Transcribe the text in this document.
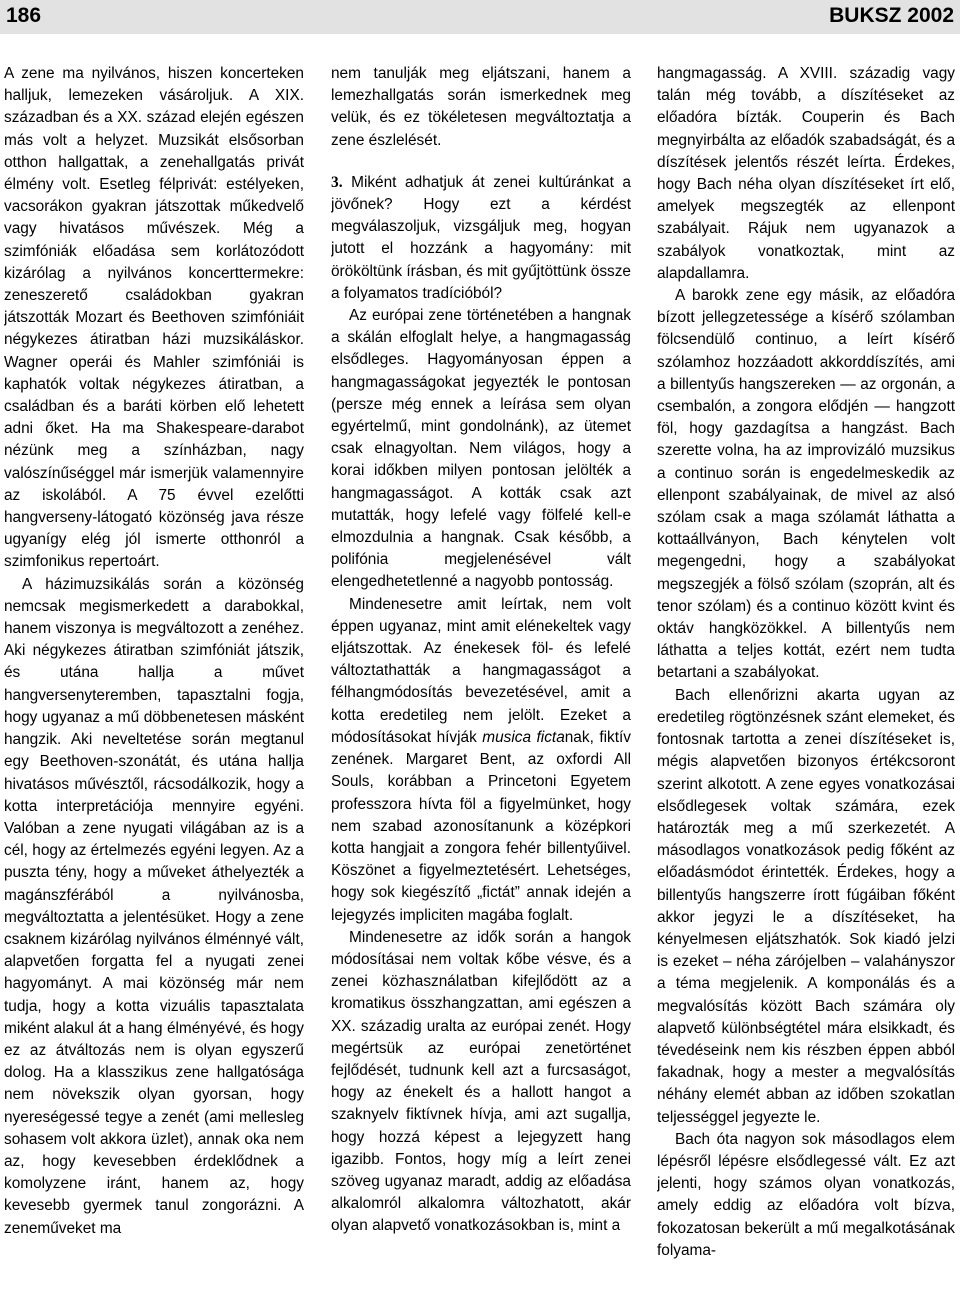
186	BUKSZ 2002

A zene ma nyilvános, hiszen koncerteken halljuk, lemezeken vásároljuk. A XIX. században és a XX. század elején egészen más volt a helyzet. Muzsikát elsősorban otthon hallgattak, a zenehallgatás privát élmény volt. Esetleg félprivát: estélyeken, vacsorákon gyakran játszottak műkedvelő vagy hivatásos művészek. Még a szimfóniák előadása sem korlátozódott kizárólag a nyilvános koncerttermekre: zeneszerető családokban gyakran játszották Mozart és Beethoven szimfóniáit négykezes átiratban házi muzsikáláskor. Wagner operái és Mahler szimfóniái is kaphatók voltak négykezes átiratban, a családban és a baráti körben elő lehetett adni őket. Ha ma Shakespeare-darabot nézünk meg a színházban, nagy valószínűséggel már ismerjük valamennyire az iskolából. A 75 évvel ezelőtti hangverseny-látogató közönség java része ugyanígy elég jól ismerte otthonról a szimfonikus repertoárt.

A házimuzsikálás során a közönség nemcsak megismerkedett a darabokkal, hanem viszonya is megváltozott a zenéhez. Aki négykezes átiratban szimfóniát játszik, és utána hallja a művet hangversenyteremben, tapasztalni fogja, hogy ugyanaz a mű döbbenetesen másként hangzik. Aki neveltetése során megtanul egy Beethoven-szonátát, és utána hallja hivatásos művésztől, rácsodálkozik, hogy a kotta interpretációja mennyire egyéni. Valóban a zene nyugati világában az is a cél, hogy az értelmezés egyéni legyen. Az a puszta tény, hogy a műveket áthelyezték a magánszférából a nyilvánosba, megváltoztatta a jelentésüket. Hogy a zene csaknem kizárólag nyilvános élménnyé vált, alapvetően forgatta fel a nyugati zenei hagyományt. A mai közönség már nem tudja, hogy a kotta vizuális tapasztalata miként alakul át a hang élményévé, és hogy ez az átváltozás nem is olyan egyszerű dolog. Ha a klasszikus zene hallgatósága nem növekszik olyan gyorsan, hogy nyereségessé tegye a zenét (ami mellesleg sohasem volt akkora üzlet), annak oka nem az, hogy kevesebben érdeklődnek a komolyzene iránt, hanem az, hogy kevesebb gyermek tanul zongorázni. A zeneműveket ma

nem tanulják meg eljátszani, hanem a lemezhallgatás során ismerkednek meg velük, és ez tökéletesen megváltoztatja a zene észlelését.

3. Miként adhatjuk át zenei kultúránkat a jövőnek? Hogy ezt a kérdést megválaszoljuk, vizsgáljuk meg, hogyan jutott el hozzánk a hagyomány: mit örököltünk írásban, és mit gyűjtöttünk össze a folyamatos tradícióból?

Az európai zene történetében a hangnak a skálán elfoglalt helye, a hangmagasság elsődleges. Hagyományosan éppen a hangmagasságokat jegyezték le pontosan (persze még ennek a leírása sem olyan egyértelmű, mint gondolnánk), az ütemet csak elnagyoltan. Nem világos, hogy a korai időkben milyen pontosan jelölték a hangmagasságot. A kották csak azt mutatták, hogy lefelé vagy fölfelé kell-e elmozdulnia a hangnak. Csak később, a polifónia megjelenésével vált elengedhetetlenné a nagyobb pontosság.

Mindenesetre amit leírtak, nem volt éppen ugyanaz, mint amit elénekeltek vagy eljátszottak. Az énekesek föl- és lefelé változtathatták a hangmagasságot a félhangmódosítás bevezetésével, amit a kotta eredetileg nem jelölt. Ezeket a módosításokat hívják musica fictanak, fiktív zenének. Margaret Bent, az oxfordi All Souls, korábban a Princetoni Egyetem professzora hívta föl a figyelmünket, hogy nem szabad azonosítanunk a középkori kotta hangjait a zongora fehér billentyűivel. Köszönet a figyelmeztetésért. Lehetséges, hogy sok kiegészítő „fictát” annak idején a lejegyzés impliciten magába foglalt.

Mindenesetre az idők során a hangok módosításai nem voltak kőbe vésve, és a zenei közhasználatban kifejlődött az a kromatikus összhangzattan, ami egészen a XX. századig uralta az európai zenét. Hogy megértsük az európai zenetörténet fejlődését, tudnunk kell azt a furcsaságot, hogy az énekelt és a hallott hangot a szaknyelv fiktívnek hívja, ami azt sugallja, hogy hozzá képest a lejegyzett hang igazibb. Fontos, hogy míg a leírt zenei szöveg ugyanaz maradt, addig az előadása alkalomról alkalomra változhatott, akár olyan alapvető vonatkozásokban is, mint a

hangmagasság. A XVIII. századig vagy talán még tovább, a díszítéseket az előadóra bízták. Couperin és Bach megnyirbálta az előadók szabadságát, és a díszítések jelentős részét leírta. Érdekes, hogy Bach néha olyan díszítéseket írt elő, amelyek megszegték az ellenpont szabályait. Rájuk nem ugyanazok a szabályok vonatkoztak, mint az alapdallamra.

A barokk zene egy másik, az előadóra bízott jellegzetessége a kísérő szólamban fölcsendülő continuo, a leírt kísérő szólamhoz hozzáadott akkorddíszítés, ami a billentyűs hangszereken — az orgonán, a csembalón, a zongora elődjén — hangzott föl, hogy gazdagítsa a hangzást. Bach szerette volna, ha az improvizáló muzsikus a continuo során is engedelmeskedik az ellenpont szabályainak, de mivel az alsó szólam csak a maga szólamát láthatta a kottaállványon, Bach kénytelen volt megengedni, hogy a szabályokat megszegjék a fölső szólam (szoprán, alt és tenor szólam) és a continuo között kvint és oktáv hangközökkel. A billentyűs nem láthatta a teljes kottát, ezért nem tudta betartani a szabályokat.

Bach ellenőrizni akarta ugyan az eredetileg rögtönzésnek szánt elemeket, és fontosnak tartotta a zenei díszítéseket is, mégis alapvetően bizonyos értékcsoront szerint alkotott. A zene egyes vonatkozásai elsődlegesek voltak számára, ezek határozták meg a mű szerkezetét. A másodlagos vonatkozások pedig főként az előadásmódot érintették. Érdekes, hogy a billentyűs hangszerre írott fúgáiban főként akkor jegyzi le a díszítéseket, ha kényelmesen eljátszhatók. Sok kiadó jelzi is ezeket – néha zárójelben – valahányszor a téma megjelenik. A komponálás és a megvalósítás között Bach számára oly alapvető különbségtétel mára elsikkadt, és tévedéseink nem kis részben éppen abból fakadnak, hogy a mester a megvalósítás néhány elemét abban az időben szokatlan teljességgel jegyezte le.

Bach óta nagyon sok másodlagos elem lépésről lépésre elsődlegessé vált. Ez azt jelenti, hogy számos olyan vonatkozás, amely eddig az előadóra volt bízva, fokozatosan bekerült a mű megalkotásának folyama-
